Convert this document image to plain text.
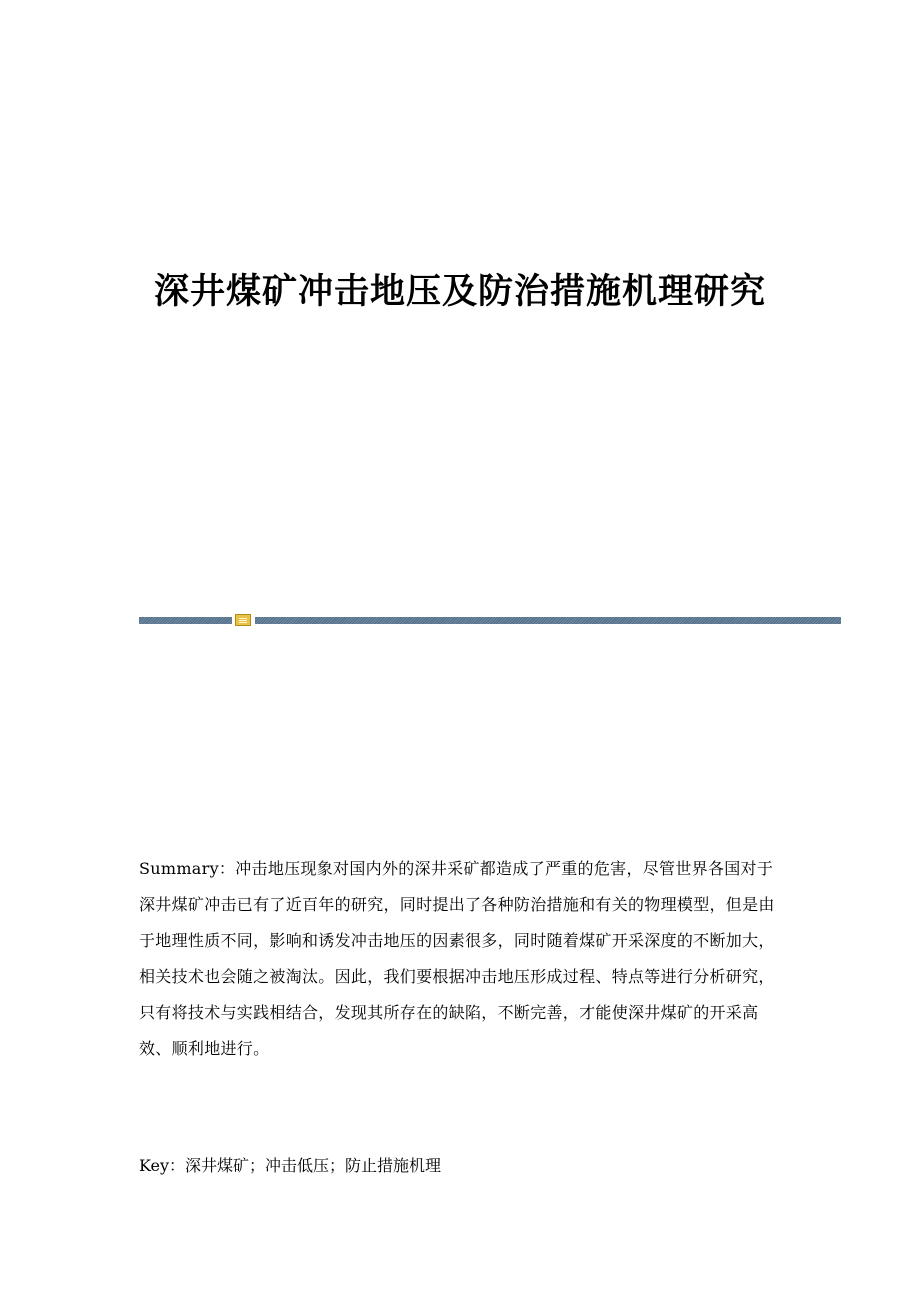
深井煤矿冲击地压及防治措施机理研究

Summary：冲击地压现象对国内外的深井采矿都造成了严重的危害，尽管世界各国对于深井煤矿冲击已有了近百年的研究，同时提出了各种防治措施和有关的物理模型，但是由于地理性质不同，影响和诱发冲击地压的因素很多，同时随着煤矿开采深度的不断加大，相关技术也会随之被淘汰。因此，我们要根据冲击地压形成过程、特点等进行分析研究，只有将技术与实践相结合，发现其所存在的缺陷，不断完善，才能使深井煤矿的开采高效、顺利地进行。

Key：深井煤矿；冲击低压；防止措施机理
